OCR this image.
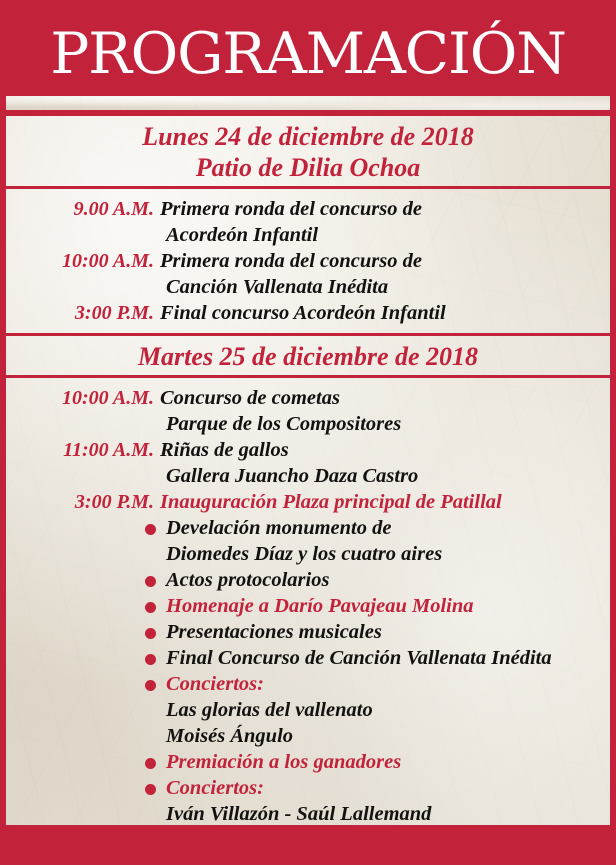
PROGRAMACIÓN
Lunes 24 de diciembre de 2018
Patio de Dilia Ochoa
9.00 A.M. Primera ronda del concurso de
Acordeón Infantil
10:00 A.M. Primera ronda del concurso de
Canción Vallenata Inédita
3:00 P.M. Final concurso Acordeón Infantil
Martes 25 de diciembre de 2018
10:00 A.M. Concurso de cometas
Parque de los Compositores
11:00 A.M. Riñas de gallos
Gallera Juancho Daza Castro
3:00 P.M. Inauguración Plaza principal de Patillal
Develación monumento de
Diomedes Díaz y los cuatro aires
Actos protocolarios
Homenaje a Darío Pavajeau Molina
Presentaciones musicales
Final Concurso de Canción Vallenata Inédita
Conciertos:
Las glorias del vallenato
Moisés Ángulo
Premiación a los ganadores
Conciertos:
Iván Villazón - Saúl Lallemand
